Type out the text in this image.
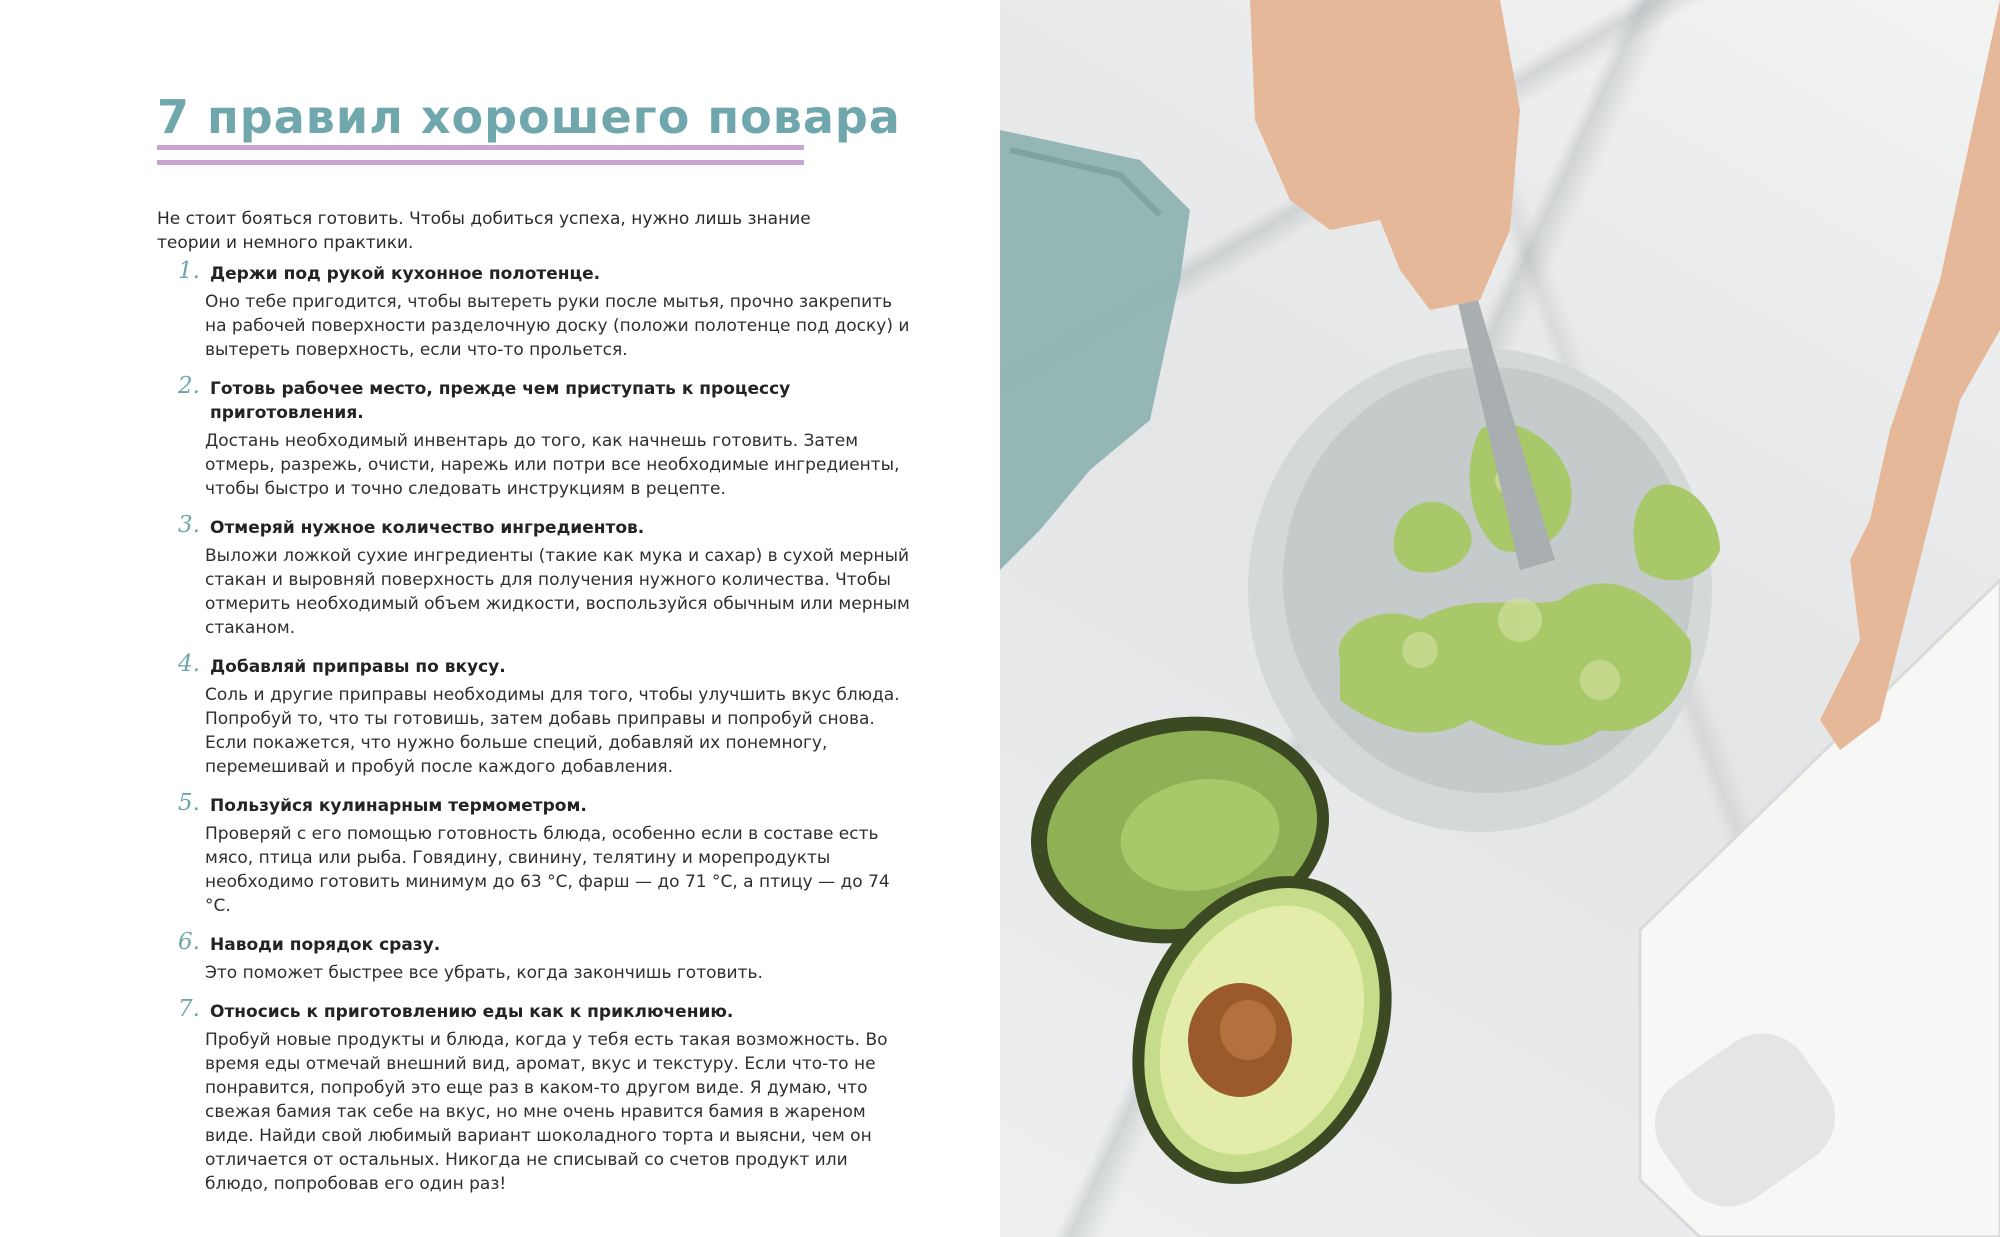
7 правил хорошего повара
Не стоит бояться готовить. Чтобы добиться успеха, нужно лишь знание теории и немного практики.
1. Держи под рукой кухонное полотенце.
Оно тебе пригодится, чтобы вытереть руки после мытья, прочно закрепить на рабочей поверхности разделочную доску (положи полотенце под доску) и вытереть поверхность, если что-то прольется.
2. Готовь рабочее место, прежде чем приступать к процессу приготовления.
Достань необходимый инвентарь до того, как начнешь готовить. Затем отмерь, разрежь, очисти, нарежь или потри все необходимые ингредиенты, чтобы быстро и точно следовать инструкциям в рецепте.
3. Отмеряй нужное количество ингредиентов.
Выложи ложкой сухие ингредиенты (такие как мука и сахар) в сухой мерный стакан и выровняй поверхность для получения нужного количества. Чтобы отмерить необходимый объем жидкости, воспользуйся обычным или мерным стаканом.
4. Добавляй приправы по вкусу.
Соль и другие приправы необходимы для того, чтобы улучшить вкус блюда. Попробуй то, что ты готовишь, затем добавь приправы и попробуй снова. Если покажется, что нужно больше специй, добавляй их понемногу, перемешивай и пробуй после каждого добавления.
5. Пользуйся кулинарным термометром.
Проверяй с его помощью готовность блюда, особенно если в составе есть мясо, птица или рыба. Говядину, свинину, телятину и морепродукты необходимо готовить минимум до 63 °C, фарш — до 71 °C, а птицу — до 74 °C.
6. Наводи порядок сразу.
Это поможет быстрее все убрать, когда закончишь готовить.
7. Относись к приготовлению еды как к приключению.
Пробуй новые продукты и блюда, когда у тебя есть такая возможность. Во время еды отмечай внешний вид, аромат, вкус и текстуру. Если что-то не понравится, попробуй это еще раз в каком-то другом виде. Я думаю, что свежая бамия так себе на вкус, но мне очень нравится бамия в жареном виде. Найди свой любимый вариант шоколадного торта и выясни, чем он отличается от остальных. Никогда не списывай со счетов продукт или блюдо, попробовав его один раз!
